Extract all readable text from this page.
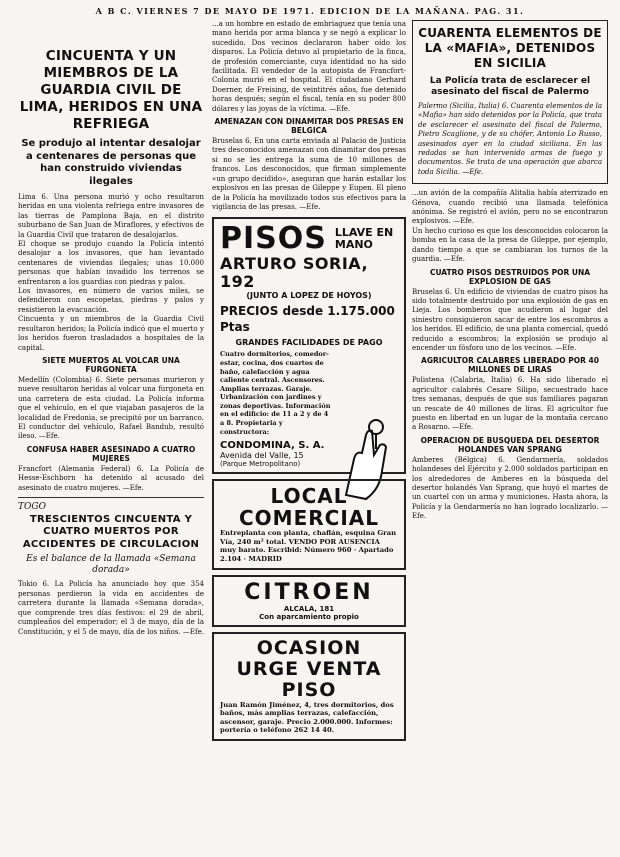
A B C. VIERNES 7 DE MAYO DE 1971. EDICION DE LA MAÑANA. PAG. 31.
CINCUENTA Y UN MIEMBROS DE LA GUARDIA CIVIL DE LIMA, HERIDOS EN UNA REFRIEGA
Se produjo al intentar desalojar a centenares de personas que han construido viviendas ilegales

Lima 6. Una persona murió y ocho resultaron heridas en una violenta refriega entre invasores de las tierras de Pamplona Baja, en el distrito suburbano de San Juan de Miraflores, y efectivos de la Guardia Civil que trataron de desalojarlos.

El choque se produjo cuando la Policía intentó desalojar a los invasores, que han levantado centenares de viviendas ilegales; unas 10.000 personas que habían invadido los terrenos se enfrentaron a los guardias con piedras y palos.

Los invasores, en número de varios miles, se defendieron con escopetas, piedras y palos y resistieron la evacuación.

Cincuenta y un miembros de la Guardia Civil resultaron heridos; la Policía indicó que el muerto y los heridos fueron trasladados a hospitales de la capital.

SIETE MUERTOS AL VOLCAR UNA FURGONETA

Medellín (Colombia) 6. Siete personas murieron y nueve resultaron heridas al volcar una furgoneta en una carretera de esta ciudad. La Policía informa que el vehículo, en el que viajaban pasajeros de la localidad de Fredonia, se precipitó por un barranco. El conductor del vehículo, Rafael Bandub, resultó ileso. —Efe.

CONFUSA HABER ASESINADO A CUATRO MUJERES

Francfort (Alemania Federal) 6. La Policía de Hesse-Eschborn ha detenido al acusado del asesinato de cuatro mujeres. —Efe.

TOGO
TRESCIENTOS CINCUENTA Y CUATRO MUERTOS POR ACCIDENTES DE CIRCULACION
Es el balance de la llamada «Semana dorada»

Tokio 6. La Policía ha anunciado hoy que 354 personas perdieron la vida en accidentes de carretera durante la llamada «Semana dorada», que comprende tres días festivos: el 29 de abril, cumpleaños del emperador; el 3 de mayo, día de la Constitución, y el 5 de mayo, día de los niños. —Efe.

...a un hombre en estado de embriaguez que tenía una mano herida por arma blanca y se negó a explicar lo sucedido. Dos vecinos declararon haber oído los disparos. La Policía detuvo al propietario de la finca, de profesión comerciante, cuya identidad no ha sido facilitada. El vendedor de la autopista de Francfort-Colonia murió en el hospital. El ciudadano Gerhard Doerner, de Freising, de veintitrés años, fue detenido horas después; según el fiscal, tenía en su poder 800 dólares y las joyas de la víctima. —Efe.

AMENAZAN CON DINAMITAR DOS PRESAS EN BELGICA

Bruselas 6. En una carta enviada al Palacio de Justicia tres desconocidos amenazan con dinamitar dos presas si no se les entrega la suma de 10 millones de francos. Los desconocidos, que firman simplemente «un grupo decidido», aseguran que harán estallar los explosivos en las presas de Gileppe y Eupen. El pleno de la Policía ha movilizado todos sus efectivos para la vigilancia de las presas. —Efe.

PISOS LLAVE EN MANO
ARTURO SORIA, 192
(JUNTO A LOPEZ DE HOYOS)
PRECIOS desde 1.175.000 Ptas
GRANDES FACILIDADES DE PAGO
Cuatro dormitorios, comedor-estar, cocina, dos cuartos de baño, calefacción y agua caliente central. Ascensores. Amplias terrazas. Garaje. Urbanización con jardines y zonas deportivas. Información en el edificio: de 11 a 2 y de 4 a 8. Propietaria y constructora:
CONDOMINA, S. A.
Avenida del Valle, 15
(Parque Metropolitano)
LOCAL COMERCIAL
Entreplanta con planta, chaflán, esquina Gran Vía, 240 m² total. VENDO POR AUSENCIA muy barato. Escribid: Número 960 · Apartado 2.104 · MADRID
CITROEN
ALCALA, 181
Con aparcamiento propio
OCASION
URGE VENTA PISO
Juan Ramón Jiménez, 4, tres dormitorios, dos baños, más amplias terrazas, calefacción, ascensor, garaje. Precio 2.000.000. Informes: portería o teléfono 262 14 40.
CUARENTA ELEMENTOS DE LA «MAFIA», DETENIDOS EN SICILIA
La Policía trata de esclarecer el asesinato del fiscal de Palermo

Palermo (Sicilia, Italia) 6. Cuarenta elementos de la «Mafia» han sido detenidos por la Policía, que trata de esclarecer el asesinato del fiscal de Palermo, Pietro Scaglione, y de su chófer, Antonio Lo Russo, asesinados ayer en la ciudad siciliana. En las redadas se han intervenido armas de fuego y documentos. Se trata de una operación que abarca toda Sicilia. —Efe.

...un avión de la compañía Alitalia había aterrizado en Génova, cuando recibió una llamada telefónica anónima. Se registró el avión, pero no se encontraron explosivos. —Efe.

Un hecho curioso es que los desconocidos colocaron la bomba en la casa de la presa de Gileppe, por ejemplo, dando tiempo a que se cambiaran los turnos de la guardia. —Efe.

CUATRO PISOS DESTRUIDOS POR UNA EXPLOSION DE GAS

Bruselas 6. Un edificio de viviendas de cuatro pisos ha sido totalmente destruido por una explosión de gas en Lieja. Los bomberos que acudieron al lugar del siniestro consiguieron sacar de entre los escombros a los heridos. El edificio, de una planta comercial, quedó reducido a escombros; la explosión se produjo al encender un fósforo uno de los vecinos. —Efe.

AGRICULTOR CALABRES LIBERADO POR 40 MILLONES DE LIRAS

Polistena (Calabria, Italia) 6. Ha sido liberado el agricultor calabrés Cesare Silipo, secuestrado hace tres semanas, después de que sus familiares pagaran un rescate de 40 millones de liras. El agricultor fue puesto en libertad en un lugar de la montaña cercano a Rosarno. —Efe.

OPERACION DE BUSQUEDA DEL DESERTOR HOLANDES VAN SPRANG

Amberes (Bélgica) 6. Gendarmería, soldados holandeses del Ejército y 2.000 soldados participan en los alrededores de Amberes en la búsqueda del desertor holandés Van Sprang, que huyó el martes de un cuartel con un arma y municiones. Hasta ahora, la Policía y la Gendarmería no han logrado localizarlo. —Efe.
